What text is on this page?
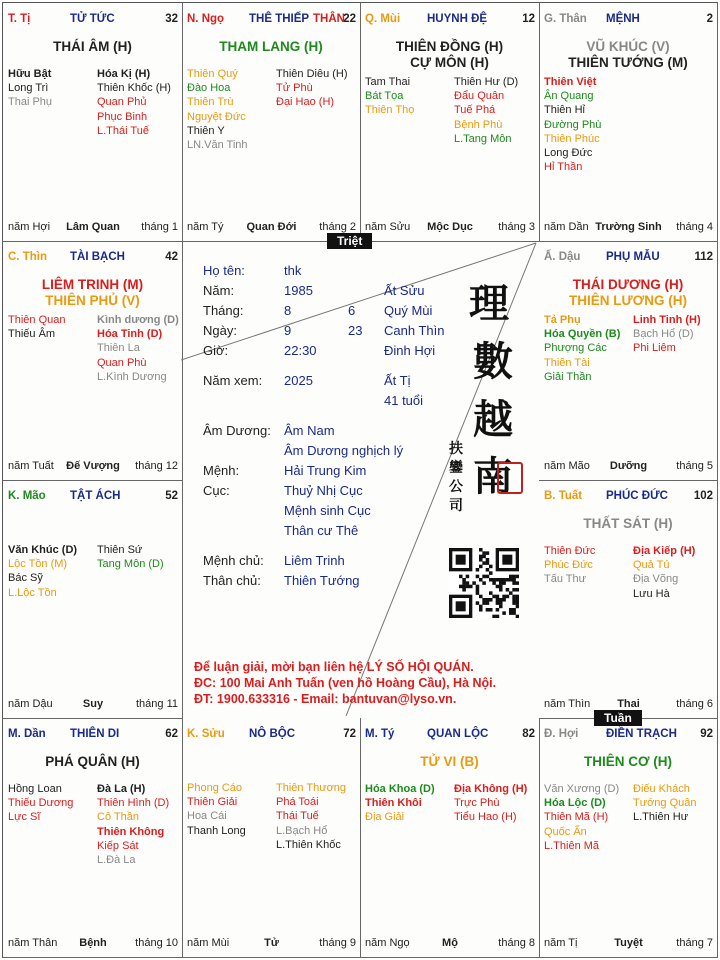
T. Tị	TỬ TỨC	32
THÁI ÂM (H)
Hữu Bật
Long Trì
Thai Phụ
Hóa Kị (H)
Thiên Khốc (H)
Quan Phủ
Phục Binh
L.Thái Tuế
năm Hợi	Lâm Quan	tháng 1
N. Ngọ THÊ THIẾP	22
THÂN
THAM LANG (H)
Thiên Quý
Đào Hoa
Thiên Trù
Nguyệt Đức
Thiên Y
LN.Văn Tinh
Thiên Diêu (H)
Tử Phù
Đại Hao (H)
năm Tý	Quan Đới	tháng 2
Q. Mùi HUYNH ĐỆ	12
THIÊN ĐỒNG (H)
CỰ MÔN (H)
Tam Thai
Bát Tọa
Thiên Thọ
Thiên Hư (D)
Đẩu Quân
Tuế Phá
Bệnh Phù
L.Tang Môn
năm Sửu	Mộc Dục	tháng 3
G. Thân MỆNH	2
VŨ KHÚC (V)
THIÊN TƯỚNG (M)
Thiên Việt
Ân Quang
Thiên Hỉ
Đường Phù
Thiên Phúc
Long Đức
Hỉ Thần
năm Dần Trường Sinh	tháng 4
C. Thìn TÀI BẠCH	42
LIÊM TRINH (M)
THIÊN PHỦ (V)
Thiên Quan
Thiếu Âm
Kình dương (D)
Hóa Tinh (D)
Thiên La
Quan Phù
L.Kình Dương
năm Tuất	Đế Vượng	tháng 12
Ấ. Dậu PHỤ MẪU	112
THÁI DƯƠNG (H)
THIÊN LƯƠNG (H)
Tả Phụ
Hóa Quyền (B)
Phượng Các
Thiên Tài
Giải Thần
Linh Tinh (H)
Bạch Hổ (D)
Phi Liêm
năm Mão	Dưỡng	tháng 5
K. Mão TẬT ÁCH	52
Văn Khúc (D)
Lộc Tồn (M)
Bác Sỹ
L.Lộc Tồn
Thiên Sứ
Tang Môn (D)
năm Dậu	Suy	tháng 11
B. Tuất PHÚC ĐỨC 102
THẤT SÁT (H)
Thiên Đức
Phúc Đức
Tấu Thư
Địa Kiếp (H)
Quả Tú
Địa Võng
Lưu Hà
năm Thìn	Thai	tháng 6
M. Dần THIÊN DI	62
PHÁ QUÂN (H)
Hồng Loan
Thiếu Dương
Lực Sĩ
Đà La (H)
Thiên Hình (D)
Cô Thần
Thiên Không
Kiếp Sát
L.Đà La
năm Thân	Bệnh	tháng 10
K. Sửu NÔ BỘC	72
Phong Cáo
Thiên Giải
Hoa Cái
Thanh Long
Thiên Thương
Phá Toái
Thái Tuế
L.Bạch Hổ
L.Thiên Khốc
năm Mùi	Tử	tháng 9
M. Tý	QUAN LỘC	82
TỬ VI (B)
Hóa Khoa (D)
Thiên Khôi
Địa Giải
Địa Không (H)
Trực Phù
Tiểu Hao (H)
năm Ngọ	Mộ	tháng 8
Đ. Hợi ĐIỀN TRẠCH 92
THIÊN CƠ (H)
Văn Xương (D)
Hóa Lộc (D)
Thiên Mã (H)
Quốc Ấn
L.Thiên Mã
Điếu Khách
Tướng Quân
L.Thiên Hư
năm Tị	Tuyệt	tháng 7
Họ tên:	thk
Năm:	1985	Ất Sửu
Tháng:	8	6 Quý Mùi
Ngày:	9	23 Canh Thìn
Giờ:	22:30	Đinh Hợi
Năm xem: 2025	Ất Tị
41 tuổi
Âm Dương: Âm Nam
Âm Dương nghịch lý
Mệnh:	Hải Trung Kim
Cục:	Thuỷ Nhị Cục
Mệnh sinh Cục
Thân cư Thê
Mệnh chủ: Liêm Trinh
Thân chủ: Thiên Tướng
理
數
越
南
扶
鑾
公
司
Để luận giải, mời bạn liên hệ LÝ SỐ HỘI QUÁN.
ĐC: 100 Mai Anh Tuấn (ven hồ Hoàng Cầu), Hà Nội.
ĐT: 1900.633316 - Email: bantuvan@lyso.vn.
Triệt
Tuần
